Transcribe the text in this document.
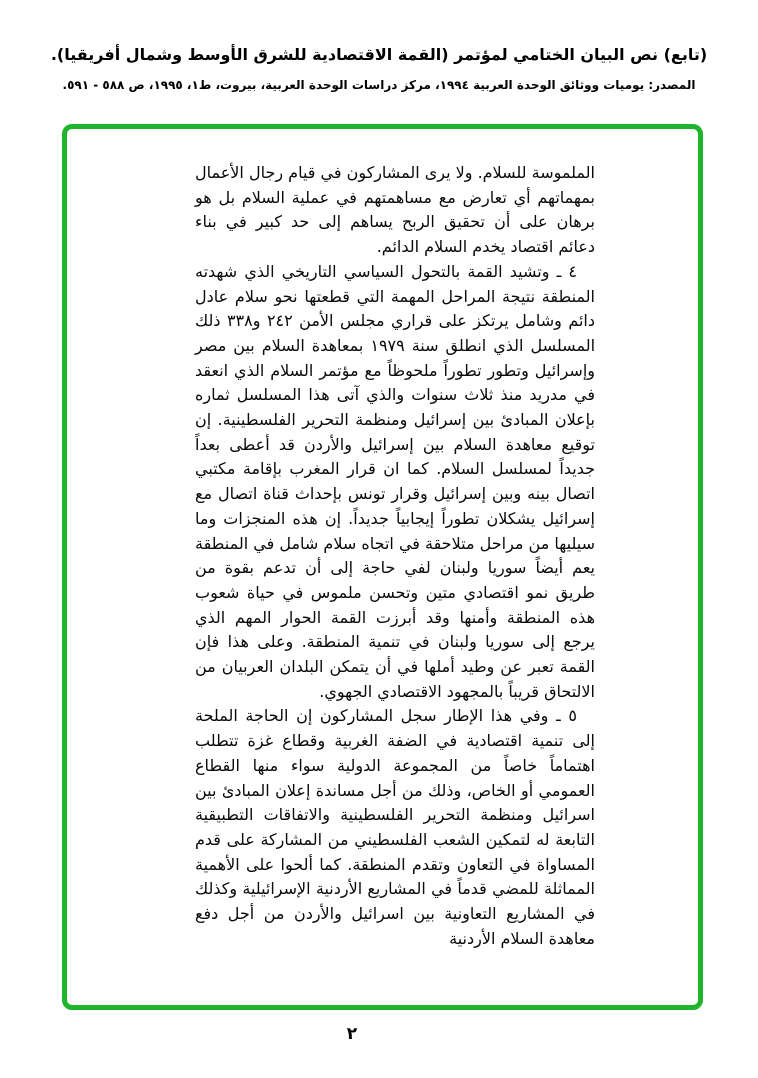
(تابع) نص البيان الختامي لمؤتمر (القمة الاقتصادية للشرق الأوسط وشمال أفريقيا).
المصدر: يوميات ووثائق الوحدة العربية ١٩٩٤، مركز دراسات الوحدة العربية، بيروت، ط١، ١٩٩٥، ص ٥٨٨ - ٥٩١.

الملموسة للسلام. ولا يرى المشاركون في قيام رجال الأعمال بمهماتهم أي تعارض مع مساهمتهم في عملية السلام بل هو برهان على أن تحقيق الربح يساهم إلى حد كبير في بناء دعائم اقتصاد يخدم السلام الدائم.

٤ ـ وتشيد القمة بالتحول السياسي التاريخي الذي شهدته المنطقة نتيجة المراحل المهمة التي قطعتها نحو سلام عادل دائم وشامل يرتكز على قراري مجلس الأمن ٢٤٢ و٣٣٨ ذلك المسلسل الذي انطلق سنة ١٩٧٩ بمعاهدة السلام بين مصر وإسرائيل وتطور تطوراً ملحوظاً مع مؤتمر السلام الذي انعقد في مدريد منذ ثلاث سنوات والذي آتى هذا المسلسل ثماره بإعلان المبادئ بين إسرائيل ومنظمة التحرير الفلسطينية. إن توقيع معاهدة السلام بين إسرائيل والأردن قد أعطى بعداً جديداً لمسلسل السلام. كما ان قرار المغرب بإقامة مكتبي اتصال بينه وبين إسرائيل وقرار تونس بإحداث قناة اتصال مع إسرائيل يشكلان تطوراً إيجابياً جديداً. إن هذه المنجزات وما سيليها من مراحل متلاحقة في اتجاه سلام شامل في المنطقة يعم أيضاً سوريا ولبنان لفي حاجة إلى أن تدعم بقوة من طريق نمو اقتصادي متين وتحسن ملموس في حياة شعوب هذه المنطقة وأمنها وقد أبرزت القمة الحوار المهم الذي يرجع إلى سوريا ولبنان في تنمية المنطقة. وعلى هذا فإن القمة تعبر عن وطيد أملها في أن يتمكن البلدان العربيان من الالتحاق قريباً بالمجهود الاقتصادي الجهوي.

٥ ـ وفي هذا الإطار سجل المشاركون إن الحاجة الملحة إلى تنمية اقتصادية في الضفة الغربية وقطاع غزة تتطلب اهتماماً خاصاً من المجموعة الدولية سواء منها القطاع العمومي أو الخاص، وذلك من أجل مساندة إعلان المبادئ بين اسرائيل ومنظمة التحرير الفلسطينية والاتفاقات التطبيقية التابعة له لتمكين الشعب الفلسطيني من المشاركة على قدم المساواة في التعاون وتقدم المنطقة. كما ألحوا على الأهمية المماثلة للمضي قدماً في المشاريع الأردنية الإسرائيلية وكذلك في المشاريع التعاونية بين اسرائيل والأردن من أجل دفع معاهدة السلام الأردنية

٢
